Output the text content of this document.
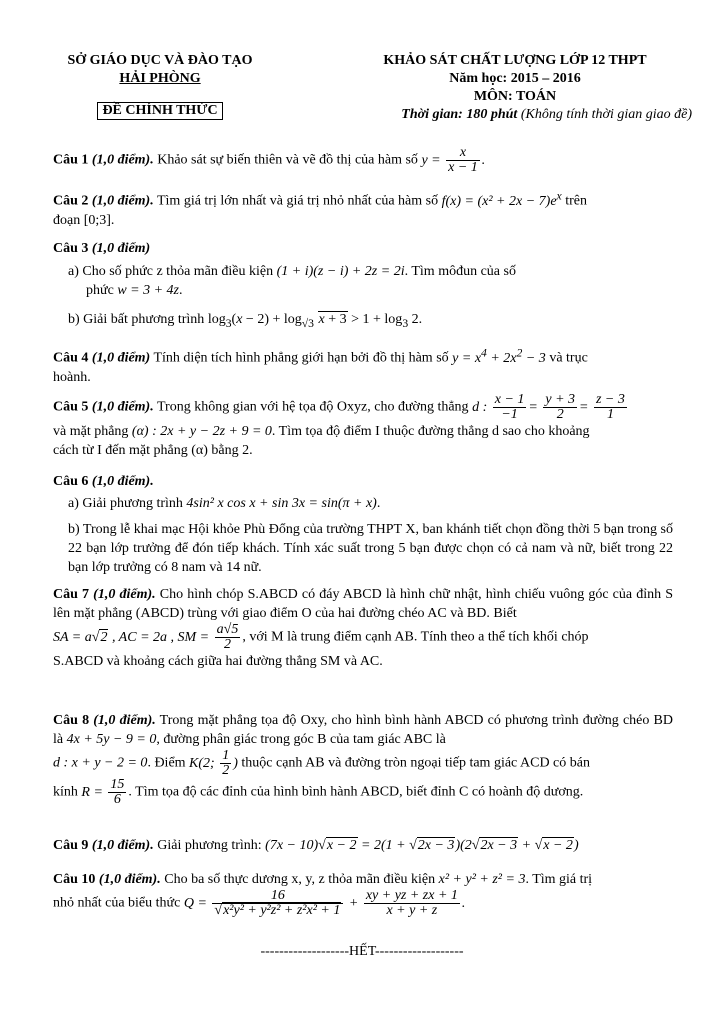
SỞ GIÁO DỤC VÀ ĐÀO TẠO
HẢI PHÒNG
ĐỀ CHÍNH THỨC
KHẢO SÁT CHẤT LƯỢNG LỚP 12 THPT
Năm học: 2015 – 2016
MÔN: TOÁN
Thời gian: 180 phút (Không tính thời gian giao đề)
Câu 1 (1,0 điểm). Khảo sát sự biến thiên và vẽ đồ thị của hàm số $y = \frac{x}{x - 1}$ .
Câu 2 (1,0 điểm). Tìm giá trị lớn nhất và giá trị nhỏ nhất của hàm số $f(x) = (x^2 + 2x - 7)e^x$ trên
đoạn [0;3].
Câu 3 (1,0 điểm)
a) Cho số phức z thỏa mãn điều kiện (1 + i)(z − i) + 2z = 2i. Tìm môđun của số
phức w = 3 + 4z.
b) Giải bất phương trình $\log_3(x - 2) + \log_{√3} x + 3 > 1 + \log_3 2$.
Câu 4 (1,0 điểm) Tính diện tích hình phẳng giới hạn bởi đồ thị hàm số $y = x^4 + 2x^2 - 3$ và trục
hoành.
Câu 5 (1,0 điểm). Trong không gian với hệ tọa độ Oxyz, cho đường thẳng d : $\frac{x - 1}{-1} = \frac{y + 3}{2} = \frac{z - 3}{1}$

và mặt phẳng (α) : 2x + y − 2z + 9 = 0. Tìm tọa độ điểm I thuộc đường thẳng d sao cho khoảng
cách từ I đến mặt phẳng (α) bằng 2.
Câu 6 (1,0 điểm).
a) Giải phương trình 4sin² x cos x + sin 3x = sin(π + x).
b) Trong lễ khai mạc Hội khỏe Phù Đổng của trường THPT X, ban khánh tiết chọn đồng thời 5 bạn trong số 22 bạn lớp trưởng để đón tiếp khách. Tính xác suất trong 5 bạn được chọn có cả nam và nữ, biết trong 22 bạn lớp trưởng có 8 nam và 14 nữ.
Câu 7 (1,0 điểm). Cho hình chóp S.ABCD có đáy ABCD là hình chữ nhật, hình chiếu vuông góc của đỉnh S lên mặt phẳng (ABCD) trùng với giao điểm O của hai đường chéo AC và BD. Biết
SA = a√2 , AC = 2a , SM = $\frac{a√5}{2}$ , với M là trung điểm cạnh AB. Tính theo a thể tích khối chóp
S.ABCD và khoảng cách giữa hai đường thẳng SM và AC.
Câu 8 (1,0 điểm). Trong mặt phẳng tọa độ Oxy, cho hình bình hành ABCD có phương trình đường chéo BD là 4x + 5y − 9 = 0, đường phân giác trong góc B của tam giác ABC là
d : x + y − 2 = 0. Điểm K(2; $\frac{1}{2}$ ) thuộc cạnh AB và đường tròn ngoại tiếp tam giác ACD có bán
kính $R = \frac{15}{6}$ . Tìm tọa độ các đỉnh của hình bình hành ABCD, biết đỉnh C có hoành độ dương.
Câu 9 (1,0 điểm). Giải phương trình: (7x − 10)√x − 2 = 2(1 + √2x − 3)(2√2x − 3 + √x − 2)
Câu 10 (1,0 điểm). Cho ba số thực dương x, y, z thỏa mãn điều kiện x² + y² + z² = 3. Tìm giá trị
nhỏ nhất của biểu thức $Q = \frac{16}{\text{√x²y² + y²z² + z²x² + 1}} + \frac{xy + yz + zx + 1}{x + y + z}$ .
-------------------HẾT-------------------
